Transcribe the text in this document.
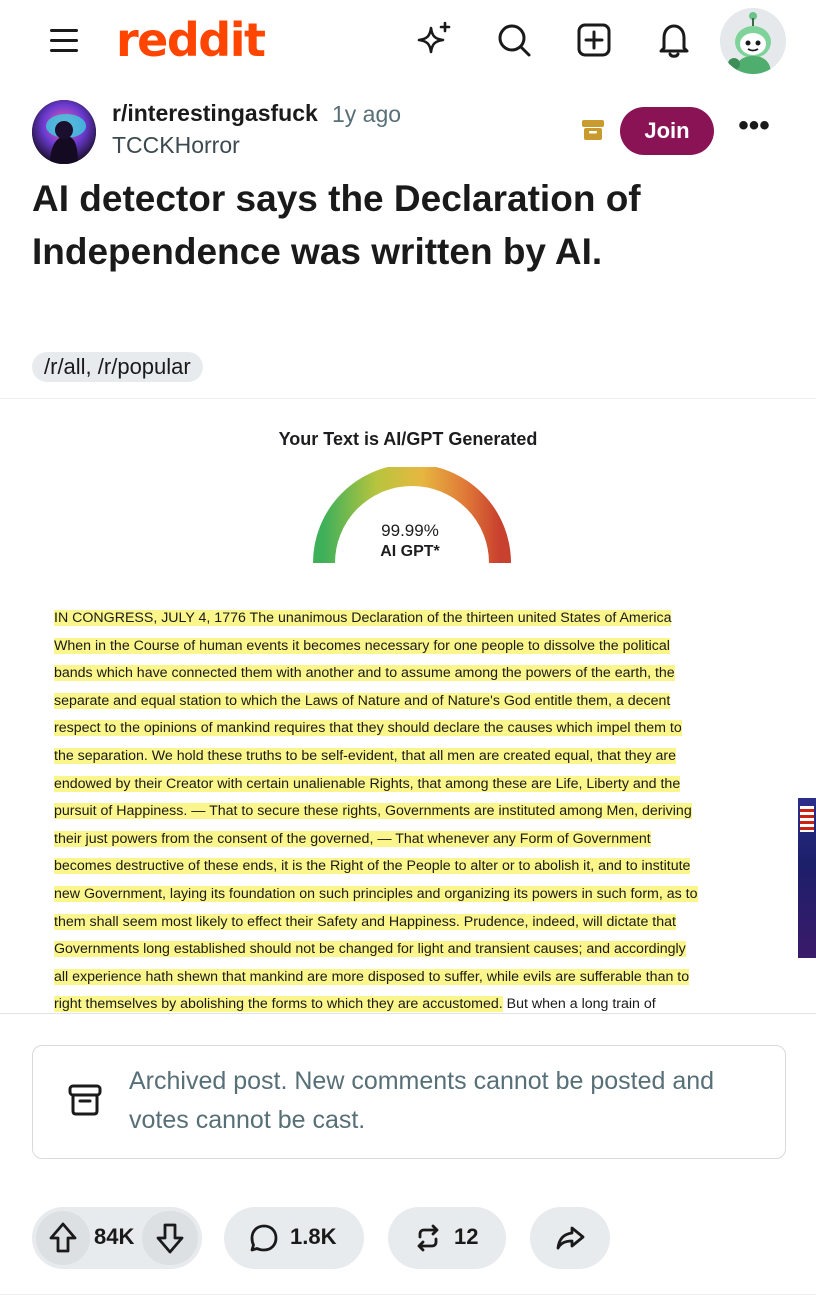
reddit
r/interestingasfuck 1y ago
TCCKHorror
Join	•••
AI detector says the Declaration of Independence was written by AI.
/r/all, /r/popular
Your Text is AI/GPT Generated
99.99%
AI GPT*

IN CONGRESS, JULY 4, 1776 The unanimous Declaration of the thirteen united States of America
When in the Course of human events it becomes necessary for one people to dissolve the political
bands which have connected them with another and to assume among the powers of the earth, the
separate and equal station to which the Laws of Nature and of Nature's God entitle them, a decent
respect to the opinions of mankind requires that they should declare the causes which impel them to
the separation. We hold these truths to be self-evident, that all men are created equal, that they are
endowed by their Creator with certain unalienable Rights, that among these are Life, Liberty and the
pursuit of Happiness. — That to secure these rights, Governments are instituted among Men, deriving
their just powers from the consent of the governed, — That whenever any Form of Government
becomes destructive of these ends, it is the Right of the People to alter or to abolish it, and to institute
new Government, laying its foundation on such principles and organizing its powers in such form, as to
them shall seem most likely to effect their Safety and Happiness. Prudence, indeed, will dictate that
Governments long established should not be changed for light and transient causes; and accordingly
all experience hath shewn that mankind are more disposed to suffer, while evils are sufferable than to
right themselves by abolishing the forms to which they are accustomed. But when a long train of

Archived post. New comments cannot be posted and votes cannot be cast.
84K	1.8K	12
